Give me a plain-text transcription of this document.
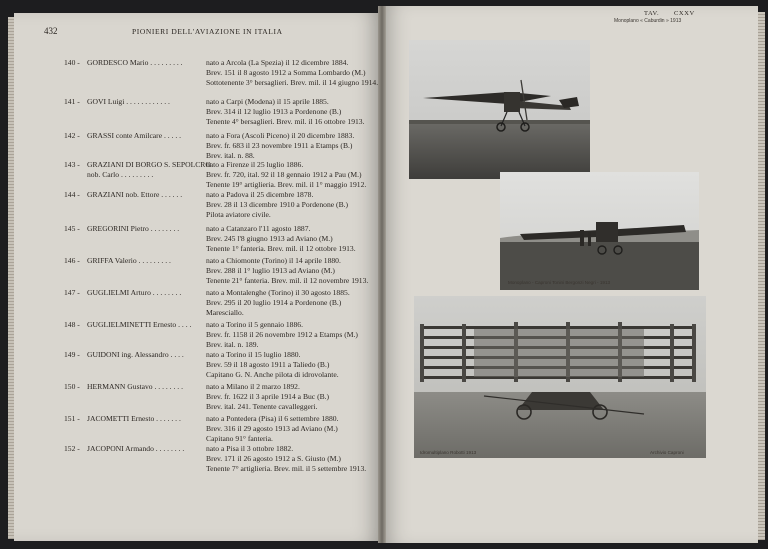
432	PIONIERI DELL'AVIAZIONE IN ITALIA
140 - GORDESCO Mario . . . . . . . . .	nato a Arcola (La Spezia) il 12 dicembre 1884.
Brev. 151 il 8 agosto 1912 a Somma Lombardo (M.)
Sottotenente 3° bersaglieri. Brev. mil. il 14 giugno 1914.
141 - GOVI Luigi . . . . . . . . . . . .	nato a Carpi (Modena) il 15 aprile 1885.
Brev. 314 il 12 luglio 1913 a Pordenone (B.)
Tenente 4° bersaglieri. Brev. mil. il 16 ottobre 1913.
142 - GRASSI conte Amilcare . . . . .	nato a Fora (Ascoli Piceno) il 20 dicembre 1883.
Brev. fr. 683 il 23 novembre 1911 a Etamps (B.)
Brev. ital. n. 88.
143 - GRAZIANI DI BORGO S. SEPOLCRO
nob. Carlo . . . . . . . . .
nato a Firenze il 25 luglio 1886.
Brev. fr. 720, ital. 92 il 18 gennaio 1912 a Pau (M.)
Tenente 19° artiglieria. Brev. mil. il 1° maggio 1912.
144 - GRAZIANI nob. Ettore . . . . . .	nato a Padova il 25 dicembre 1878.
Brev. 28 il 13 dicembre 1910 a Pordenone (B.)
Pilota aviatore civile.
145 - GREGORINI Pietro . . . . . . . .	nato a Catanzaro l'11 agosto 1887.
Brev. 245 l'8 giugno 1913 ad Aviano (M.)
Tenente 1° fanteria. Brev. mil. il 12 ottobre 1913.
146 - GRIFFA Valerio . . . . . . . . .	nato a Chiomonte (Torino) il 14 aprile 1880.
Brev. 288 il 1° luglio 1913 ad Aviano (M.)
Tenente 21° fanteria. Brev. mil. il 12 novembre 1913.
147 - GUGLIELMI Arturo . . . . . . . .	nato a Montalenghe (Torino) il 30 agosto 1885.
Brev. 295 il 20 luglio 1914 a Pordenone (B.)
Maresciallo.
148 - GUGLIELMINETTI Ernesto . . . .	nato a Torino il 5 gennaio 1886.
Brev. fr. 1158 il 26 novembre 1912 a Etamps (M.)
Brev. ital. n. 189.
149 - GUIDONI ing. Alessandro . . . .	nato a Torino il 15 luglio 1880.
Brev. 59 il 18 agosto 1911 a Taliedo (B.)
Capitano G. N. Anche pilota di idrovolante.
150 - HERMANN Gustavo . . . . . . . .	nato a Milano il 2 marzo 1892.
Brev. fr. 1622 il 3 aprile 1914 a Buc (B.)
Brev. ital. 241. Tenente cavalleggeri.
151 - JACOMETTI Ernesto . . . . . . .	nato a Pontedera (Pisa) il 6 settembre 1880.
Brev. 316 il 29 agosto 1913 ad Aviano (M.)
Capitano 91° fanteria.
152 - JACOPONI Armando . . . . . . . .	nato a Pisa il 3 ottobre 1882.
Brev. 171 il 26 agosto 1912 a S. Giusto (M.)
Tenente 7° artiglieria. Brev. mil. il 5 settembre 1913.
TAV. CXXV
Monoplano « Caburdin » 1913
Monoplano - Caproni Tonini Bergonzi Negri - 1913
Idromultiplano Robotti 1913	Archivio Caproni
